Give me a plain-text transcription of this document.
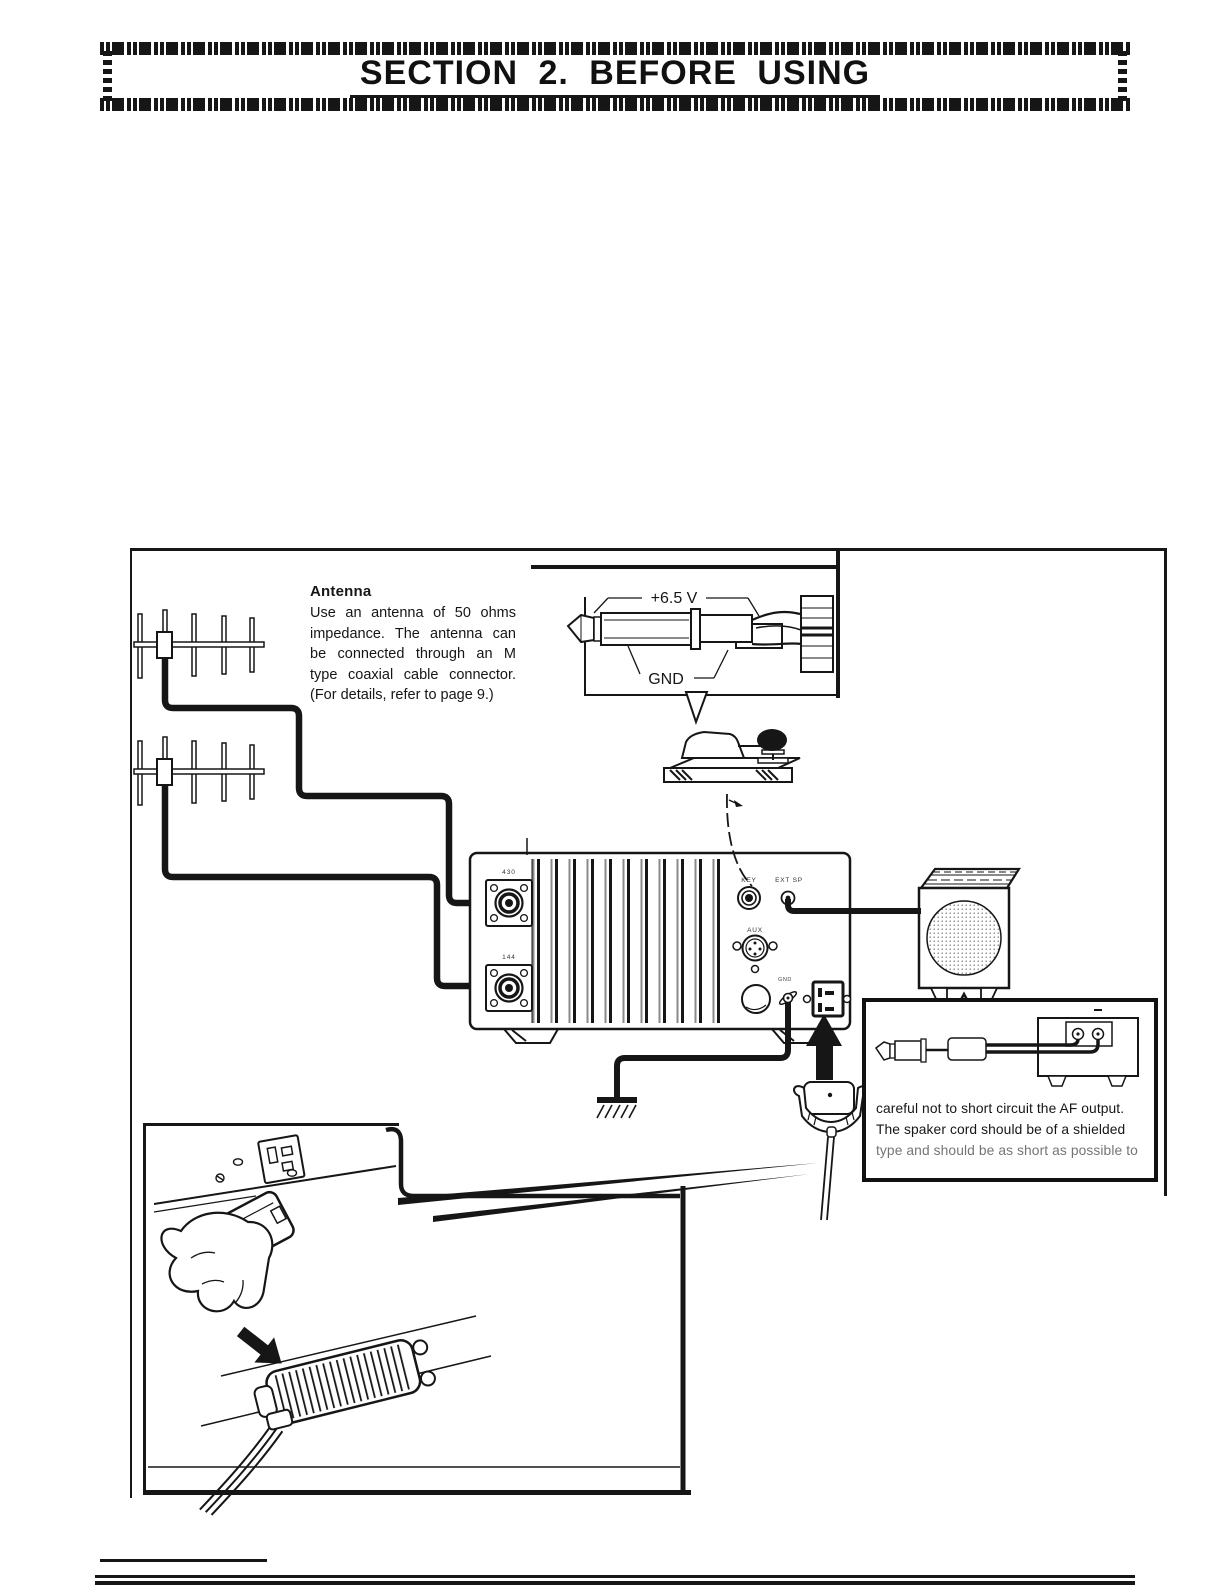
SECTION 2. BEFORE USING
Antenna

Use an antenna of 50 ohms impedance. The antenna can be connected through an M type coaxial cable connector. (For details, refer to page 9.)

+6.5 V
GND
430
144
KEY	EXT SP
AUX
GND
careful not to short circuit the AF output.
The spaker cord should be of a shielded
type and should be as short as possible to
